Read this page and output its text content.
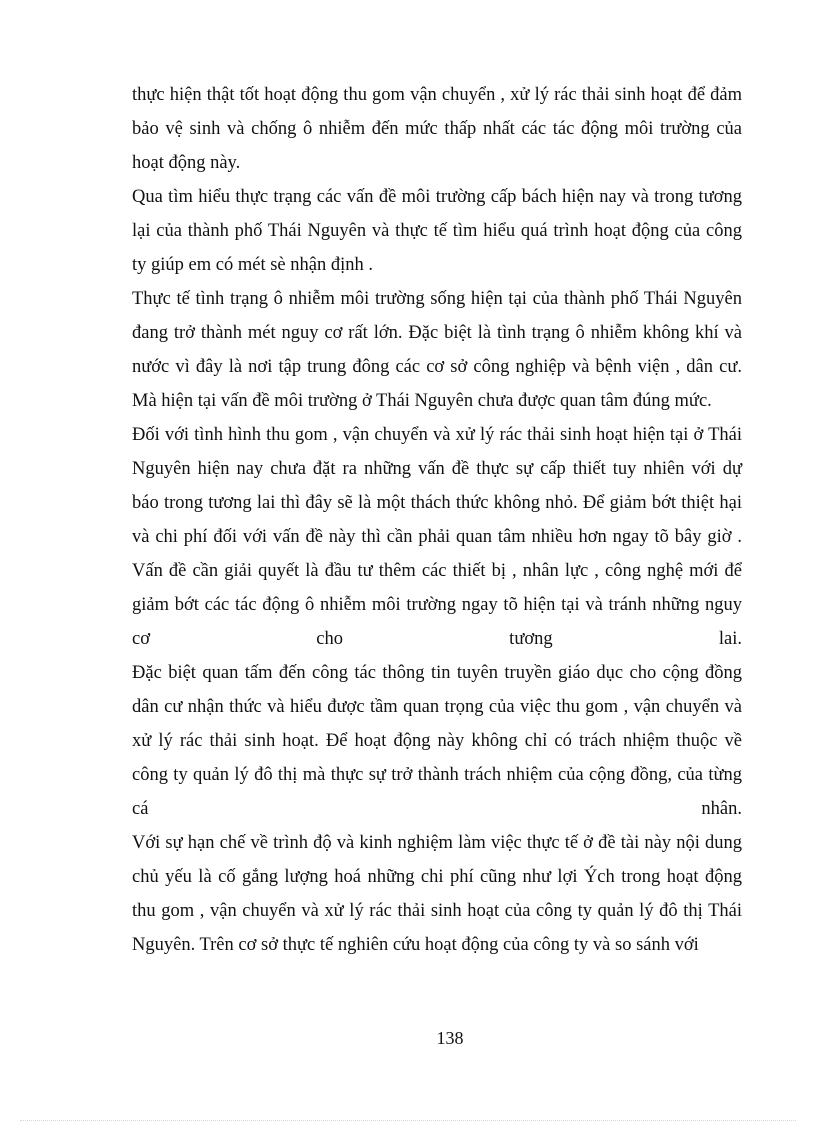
thực hiện thật tốt hoạt động thu gom vận chuyển , xử lý rác thải sinh hoạt để đảm
bảo vệ sinh và chống ô nhiễm đến mức thấp nhất các tác động môi trường của
hoạt động này.
Qua tìm hiểu thực trạng các vấn đề môi trường cấp bách hiện nay và trong tương
lại của thành phố Thái Nguyên và thực tế tìm hiểu quá trình hoạt động của công
ty giúp em có mét sè nhận định .
Thực tế tình trạng ô nhiễm môi trường sống hiện tại của thành phố Thái Nguyên
đang trở thành mét nguy cơ rất lớn. Đặc biệt là tình trạng ô nhiễm không khí và
nước vì đây là nơi tập trung đông các cơ sở công nghiệp và bệnh viện , dân cư.
Mà hiện tại vấn đề môi trường ở Thái Nguyên chưa được quan tâm đúng mức.
Đối với tình hình thu gom , vận chuyển và xử lý rác thải sinh hoạt hiện tại ở Thái
Nguyên hiện nay chưa đặt ra những vấn đề thực sự cấp thiết tuy nhiên với dự
báo trong tương lai thì đây sẽ là một thách thức không nhỏ. Để giảm bớt thiệt hại
và chi phí đối với vấn đề này thì cần phải quan tâm nhiều hơn ngay tõ bây giờ .
Vấn đề cần giải quyết là đầu tư thêm các thiết bị , nhân lực , công nghệ mới để
giảm bớt các tác động ô nhiễm môi trường ngay tõ hiện tại và tránh những nguy
cơ cho tương lai.
Đặc biệt quan tấm đến công tác thông tin tuyên truyền giáo dục cho cộng đồng
dân cư nhận thức và hiểu được tầm quan trọng của việc thu gom , vận chuyển và
xử lý rác thải sinh hoạt. Để hoạt động này không chỉ có trách nhiệm thuộc về
công ty quản lý đô thị mà thực sự trở thành trách nhiệm của cộng đồng, của từng
cá nhân.
Với sự hạn chế về trình độ và kinh nghiệm làm việc thực tế ở đề tài này nội dung
chủ yếu là cố gắng lượng hoá những chi phí cũng như lợi Ých trong hoạt động
thu gom , vận chuyển và xử lý rác thải sinh hoạt của công ty quản lý đô thị Thái
Nguyên. Trên cơ sở thực tế nghiên cứu hoạt động của công ty và so sánh với
138
